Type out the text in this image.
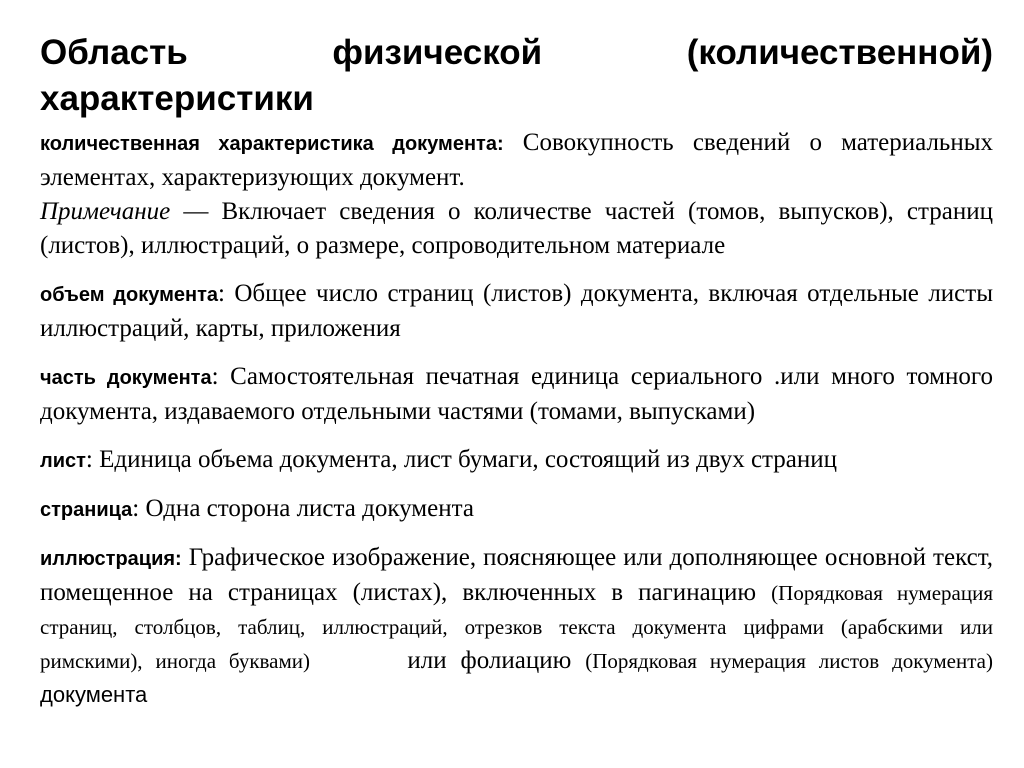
Область	физической	(количественной)
характеристики

количественная характеристика документа: Совокупность сведений о материальных элементах, характеризующих документ.
Примечание — Включает сведения о количестве частей (томов, выпусков), страниц (листов), иллюстраций, о размере, сопроводительном материале

объем документа: Общее число страниц (листов) документа, включая отдельные листы иллюстраций, карты, приложения

часть документа: Самостоятельная печатная единица сериального .или много томного документа, издаваемого отдельными частями (томами, выпусками)

лист: Единица объема документа, лист бумаги, состоящий из двух страниц

страница: Одна сторона листа документа

иллюстрация: Графическое изображение, поясняющее или дополняющее основной текст, помещенное на страницах (листах), включенных в пагинацию (Порядковая нумерация страниц, столбцов, таблиц, иллюстраций, отрезков текста документа цифрами (арабскими или римскими), иногда буквами)	или фолиацию (Порядковая нумерация листов документа) документа
